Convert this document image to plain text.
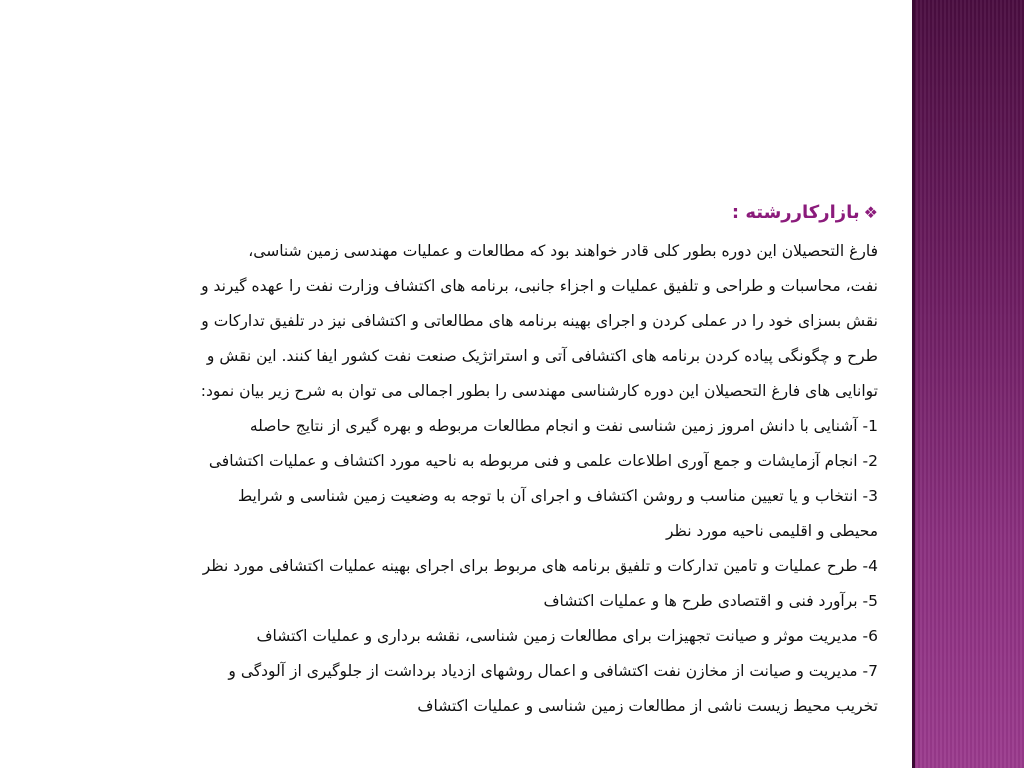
❖
بازارکاررشته :
فارغ التحصیلان این دوره بطور کلی قادر خواهند بود که مطالعات و عملیات مهندسی زمین شناسی،
نفت، محاسبات و طراحی و تلفیق عملیات و اجزاء جانبی، برنامه های اکتشاف وزارت نفت را عهده گیرند و
نقش بسزای خود را در عملی کردن و اجرای بهینه برنامه های مطالعاتی و اکتشافی نیز در تلفیق تدارکات و
طرح و چگونگی پیاده کردن برنامه های اکتشافی آتی و استراتژیک صنعت نفت کشور ایفا کنند. این نقش و
توانایی های فارغ التحصیلان این دوره کارشناسی مهندسی را بطور اجمالی می توان به شرح زیر بیان نمود:
1- آشنایی با دانش امروز زمین شناسی نفت و انجام مطالعات مربوطه و بهره گیری از نتایج حاصله
2- انجام آزمایشات و جمع آوری اطلاعات علمی و فنی مربوطه به ناحیه مورد اکتشاف و عملیات اکتشافی
3- انتخاب و یا تعیین مناسب و روشن اکتشاف و اجرای آن با توجه به وضعیت زمین شناسی و شرایط
محیطی و اقلیمی ناحیه مورد نظر
4- طرح عملیات و تامین تدارکات و تلفیق برنامه های مربوط برای اجرای بهینه عملیات اکتشافی مورد نظر
5- برآورد فنی و اقتصادی طرح ها و عملیات اکتشاف
6- مدیریت موثر و صیانت تجهیزات برای مطالعات زمین شناسی، نقشه برداری و عملیات اکتشاف
7- مدیریت و صیانت از مخازن نفت اکتشافی و اعمال روشهای ازدیاد برداشت از جلوگیری از آلودگی و
تخریب محیط زیست ناشی از مطالعات زمین شناسی و عملیات اکتشاف
